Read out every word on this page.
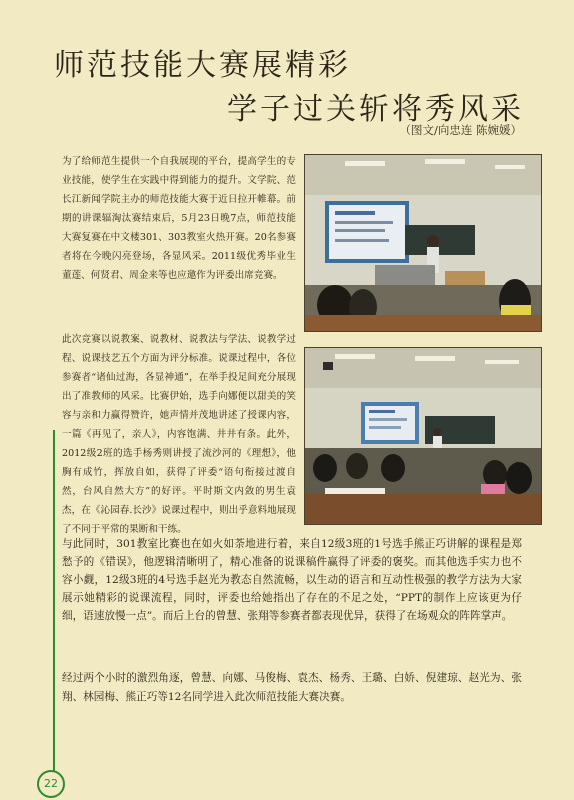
师范技能大赛展精彩
学子过关斩将秀风采
（图文/向忠连 陈婉媛）

为了给师范生提供一个自我展现的平台，提高学生的专业技能，使学生在实践中得到能力的提升。文学院、范长江新闻学院主办的师范技能大赛于近日拉开帷幕。前期的讲课辐淘汰赛结束后，5月23日晚7点，师范技能大赛复赛在中文楼301、303教室火热开赛。20名参赛者将在今晚闪亮登场，各显风采。2011级优秀毕业生董莲、何贤君、周金来等也应邀作为评委出席竞赛。

此次竞赛以说教案、说教材、说教法与学法、说教学过程、说课技艺五个方面为评分标准。说课过程中，各位参赛者“诸仙过海，各显神通”，在举手投足间充分展现出了准教师的风采。比赛伊始，选手向娜便以甜美的笑容与亲和力赢得赞许，她声情并茂地讲述了授课内容，一篇《再见了，亲人》，内容饱满、井井有条。此外，2012级2班的选手杨秀则讲授了流沙河的《理想》，他胸有成竹，挥放自如，获得了评委“语句衔接过渡自然，台风自然大方”的好评。平时斯文内敛的男生袁杰，在《沁园春.长沙》说课过程中，则出乎意料地展现了不同于平常的果断和干练。

与此同时，301教室比赛也在如火如荼地进行着，来自12级3班的1号选手熊正巧讲解的课程是郑愁予的《错误》，他逻辑清晰明了，精心准备的说课稿件赢得了评委的褒奖。而其他选手实力也不容小觑，12级3班的4号选手赵光为教态自然流畅，以生动的语言和互动性极强的教学方法为大家展示她精彩的说课流程，同时，评委也给她指出了存在的不足之处，“PPT的制作上应该更为仔细，语速放慢一点”。而后上台的曾慧、张翔等参赛者都表现优异，获得了在场观众的阵阵掌声。

经过两个小时的激烈角逐，曾慧、向娜、马俊梅、袁杰、杨秀、王璐、白娇、倪建琼、赵光为、张翔、林园梅、熊正巧等12名同学进入此次师范技能大赛决赛。

22
